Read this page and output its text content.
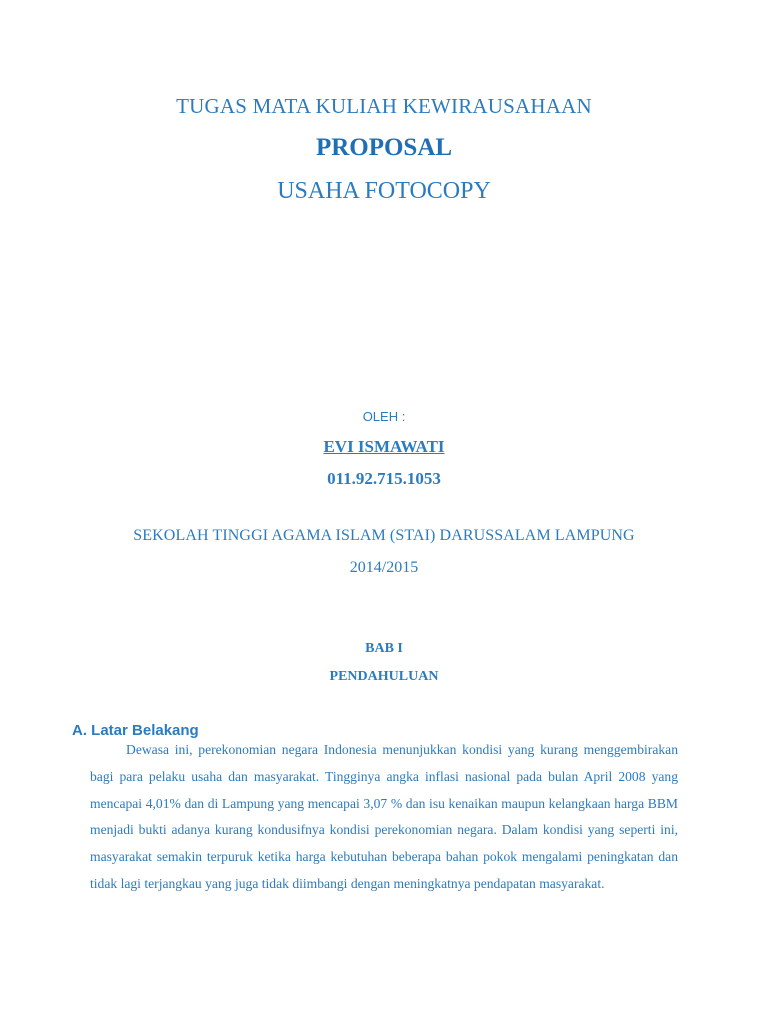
TUGAS MATA KULIAH KEWIRAUSAHAAN
PROPOSAL
USAHA FOTOCOPY
OLEH :
EVI ISMAWATI
011.92.715.1053
SEKOLAH TINGGI AGAMA ISLAM (STAI) DARUSSALAM LAMPUNG
2014/2015
BAB I
PENDAHULUAN
A. Latar Belakang
Dewasa ini, perekonomian negara Indonesia menunjukkan kondisi yang kurang menggembirakan bagi para pelaku usaha dan masyarakat. Tingginya angka inflasi nasional pada bulan April 2008 yang mencapai 4,01% dan di Lampung yang mencapai 3,07 % dan isu kenaikan maupun kelangkaan harga BBM menjadi bukti adanya kurang kondusifnya kondisi perekonomian negara. Dalam kondisi yang seperti ini, masyarakat semakin terpuruk ketika harga kebutuhan beberapa bahan pokok mengalami peningkatan dan tidak lagi terjangkau yang juga tidak diimbangi dengan meningkatnya pendapatan masyarakat.
